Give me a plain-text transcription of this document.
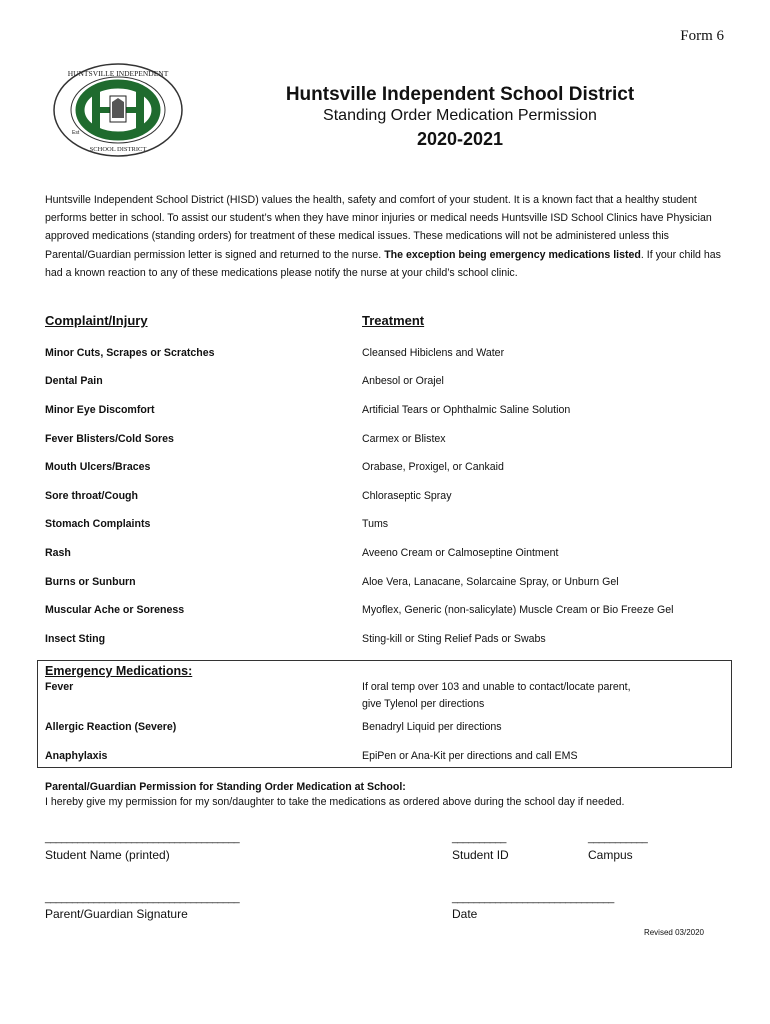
Form 6
HUNTSVILLE INDEPENDENT
SCHOOL DISTRICT
Est
Huntsville Independent School District
Standing Order Medication Permission
2020-2021
Huntsville Independent School District (HISD) values the health, safety and comfort of your student. It is a known fact that a healthy student performs better in school. To assist our student’s when they have minor injuries or medical needs Huntsville ISD School Clinics have Physician approved medications (standing orders) for treatment of these medical issues. These medications will not be administered unless this Parental/Guardian permission letter is signed and returned to the nurse. The exception being emergency medications listed. If your child has had a known reaction to any of these medications please notify the nurse at your child’s school clinic.
Complaint/Injury	Treatment
Minor Cuts, Scrapes or Scratches	Cleansed Hibiclens and Water
Dental Pain	Anbesol or Orajel
Minor Eye Discomfort	Artificial Tears or Ophthalmic Saline Solution
Fever Blisters/Cold Sores	Carmex or Blistex
Mouth Ulcers/Braces	Orabase, Proxigel, or Cankaid
Sore throat/Cough	Chloraseptic Spray
Stomach Complaints	Tums
Rash	Aveeno Cream or Calmoseptine Ointment
Burns or Sunburn	Aloe Vera, Lanacane, Solarcaine Spray, or Unburn Gel
Muscular Ache or Soreness	Myoflex, Generic (non-salicylate) Muscle Cream or Bio Freeze Gel
Insect Sting	Sting-kill or Sting Relief Pads or Swabs
Emergency Medications:
Fever	If oral temp over 103 and unable to contact/locate parent, give Tylenol per directions
Allergic Reaction (Severe)	Benadryl Liquid per directions
Anaphylaxis	EpiPen or Ana-Kit per directions and call EMS
Parental/Guardian Permission for Standing Order Medication at School:
I hereby give my permission for my son/daughter to take the medications as ordered above during the school day if needed.
____________________________________	__________	___________
Student Name (printed)	Student ID	Campus
____________________________________	______________________________
Parent/Guardian Signature	Date
Revised 03/2020
